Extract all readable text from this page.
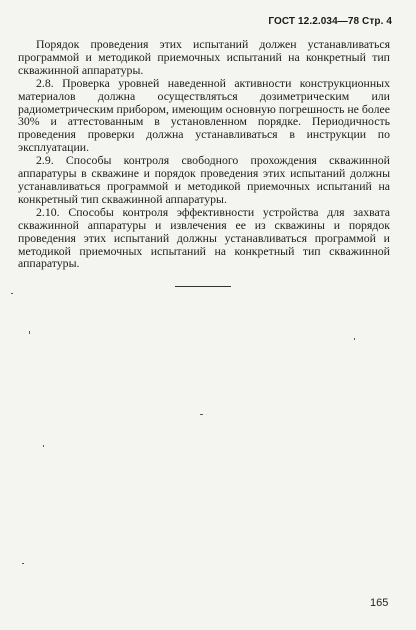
ГОСТ 12.2.034—78 Стр. 4

Порядок проведения этих испытаний должен устанавливаться программой и методикой приемочных испытаний на конкретный тип скважинной аппаратуры.

2.8. Проверка уровней наведенной активности конструкционных материалов должна осуществляться дозиметрическим или радиометрическим прибором, имеющим основную погрешность не более 30% и аттестованным в установленном порядке. Периодичность проведения проверки должна устанавливаться в инструкции по эксплуатации.

2.9. Способы контроля свободного прохождения скважинной аппаратуры в скважине и порядок проведения этих испытаний должны устанавливаться программой и методикой приемочных испытаний на конкретный тип скважинной аппаратуры.

2.10. Способы контроля эффективности устройства для захвата скважинной аппаратуры и извлечения ее из скважины и порядок проведения этих испытаний должны устанавливаться программой и методикой приемочных испытаний на конкретный тип скважинной аппаратуры.

165
